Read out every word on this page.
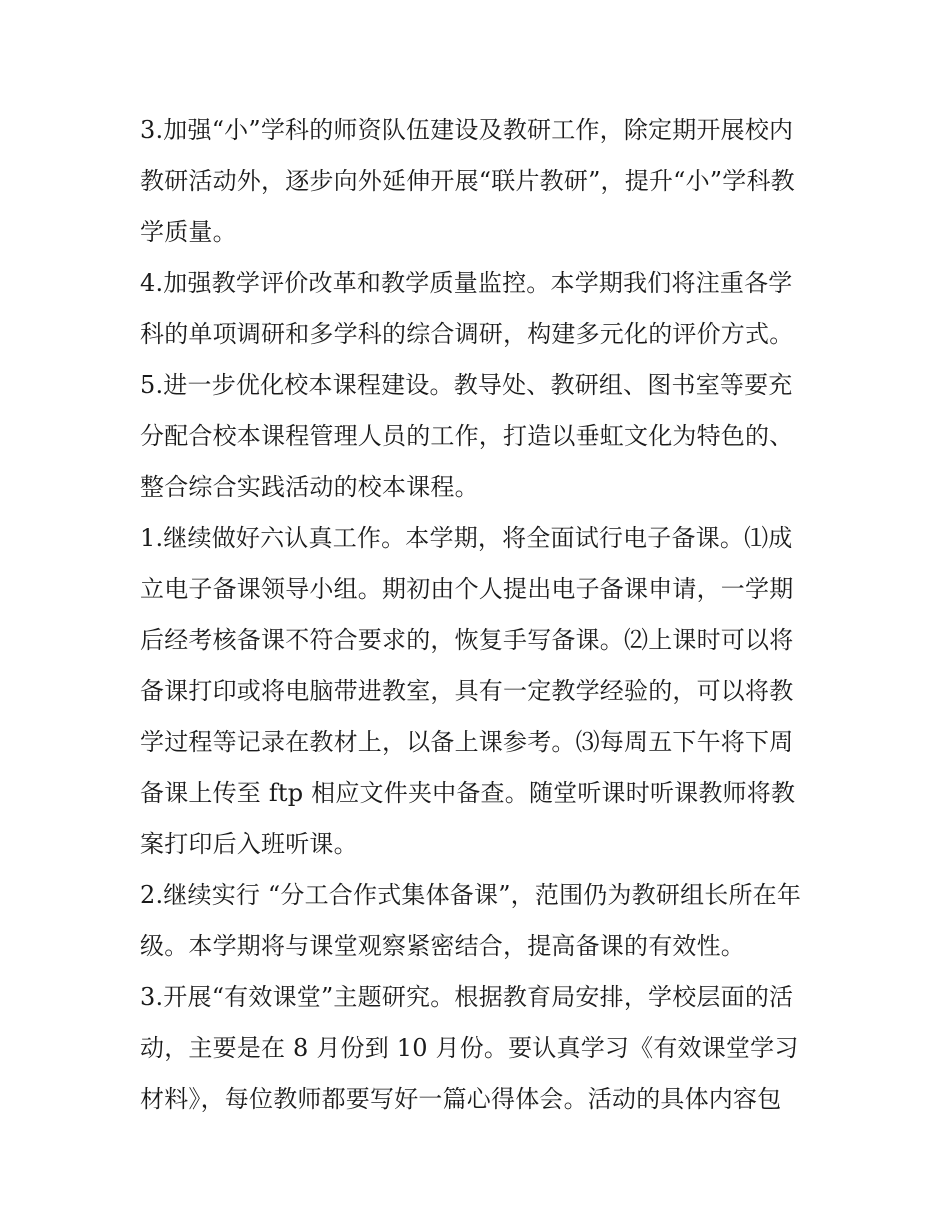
3.加强“小”学科的师资队伍建设及教研工作，除定期开展校内
教研活动外，逐步向外延伸开展“联片教研”，提升“小”学科教
学质量。
4.加强教学评价改革和教学质量监控。本学期我们将注重各学
科的单项调研和多学科的综合调研，构建多元化的评价方式。
5.进一步优化校本课程建设。教导处、教研组、图书室等要充
分配合校本课程管理人员的工作，打造以垂虹文化为特色的、
整合综合实践活动的校本课程。
1.继续做好六认真工作。本学期，将全面试行电子备课。⑴成
立电子备课领导小组。期初由个人提出电子备课申请，一学期
后经考核备课不符合要求的，恢复手写备课。⑵上课时可以将
备课打印或将电脑带进教室，具有一定教学经验的，可以将教
学过程等记录在教材上，以备上课参考。⑶每周五下午将下周
备课上传至 ftp 相应文件夹中备查。随堂听课时听课教师将教
案打印后入班听课。
2.继续实行 “分工合作式集体备课”，范围仍为教研组长所在年
级。本学期将与课堂观察紧密结合，提高备课的有效性。
3.开展“有效课堂”主题研究。根据教育局安排，学校层面的活
动，主要是在 8 月份到 10 月份。要认真学习《有效课堂学习
材料》，每位教师都要写好一篇心得体会。活动的具体内容包
